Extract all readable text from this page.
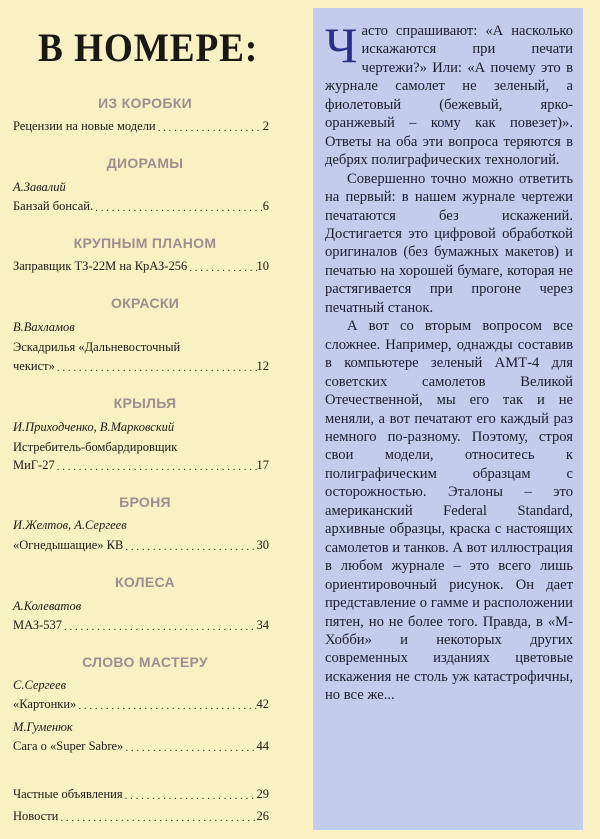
В НОМЕРЕ:
ИЗ КОРОБКИ
Рецензии на новые модели . . .	2
ДИОРАМЫ
А.Завалий
Банзай бонсай. . . .	6
КРУПНЫМ ПЛАНОМ
Заправщик ТЗ-22М на КрАЗ-256 . . .	10
ОКРАСКИ
В.Вахламов
Эскадрилья «Дальневосточный
чекист» . . .	12
КРЫЛЬЯ
И.Приходченко, В.Марковский
Истребитель-бомбардировщик
МиГ-27 . . .	17
БРОНЯ
И.Желтов, А.Сергеев
«Огнедышащие» КВ . . .	30
КОЛЕСА
А.Колеватов
МАЗ-537 . . .	34
СЛОВО МАСТЕРУ
С.Сергеев
«Картонки» . . .	42
М.Гуменюк
Сага о «Super Sabre» . . .	44
Частные объявления . . .	29
Новости . . .	26

Часто спрашивают: «А насколько искажаются при печати чертежи?» Или: «А почему это в журнале самолет не зеленый, а фиолетовый (бежевый, ярко-оранжевый – кому как повезет)». Ответы на оба эти вопроса теряются в дебрях полиграфических технологий.

Совершенно точно можно ответить на первый: в нашем журнале чертежи печатаются без искажений. Достигается это цифровой обработкой оригиналов (без бумажных макетов) и печатью на хорошей бумаге, которая не растягивается при прогоне через печатный станок.

А вот со вторым вопросом все сложнее. Например, однажды составив в компьютере зеленый АМТ-4 для советских самолетов Великой Отечественной, мы его так и не меняли, а вот печатают его каждый раз немного по-разному. Поэтому, строя свои модели, относитесь к полиграфическим образцам с осторожностью. Эталоны – это американский Federal Standard, архивные образцы, краска с настоящих самолетов и танков. А вот иллюстрация в любом журнале – это всего лишь ориентировочный рисунок. Он дает представление о гамме и расположении пятен, но не более того. Правда, в «М-Хобби» и некоторых других современных изданиях цветовые искажения не столь уж катастрофичны, но все же...
